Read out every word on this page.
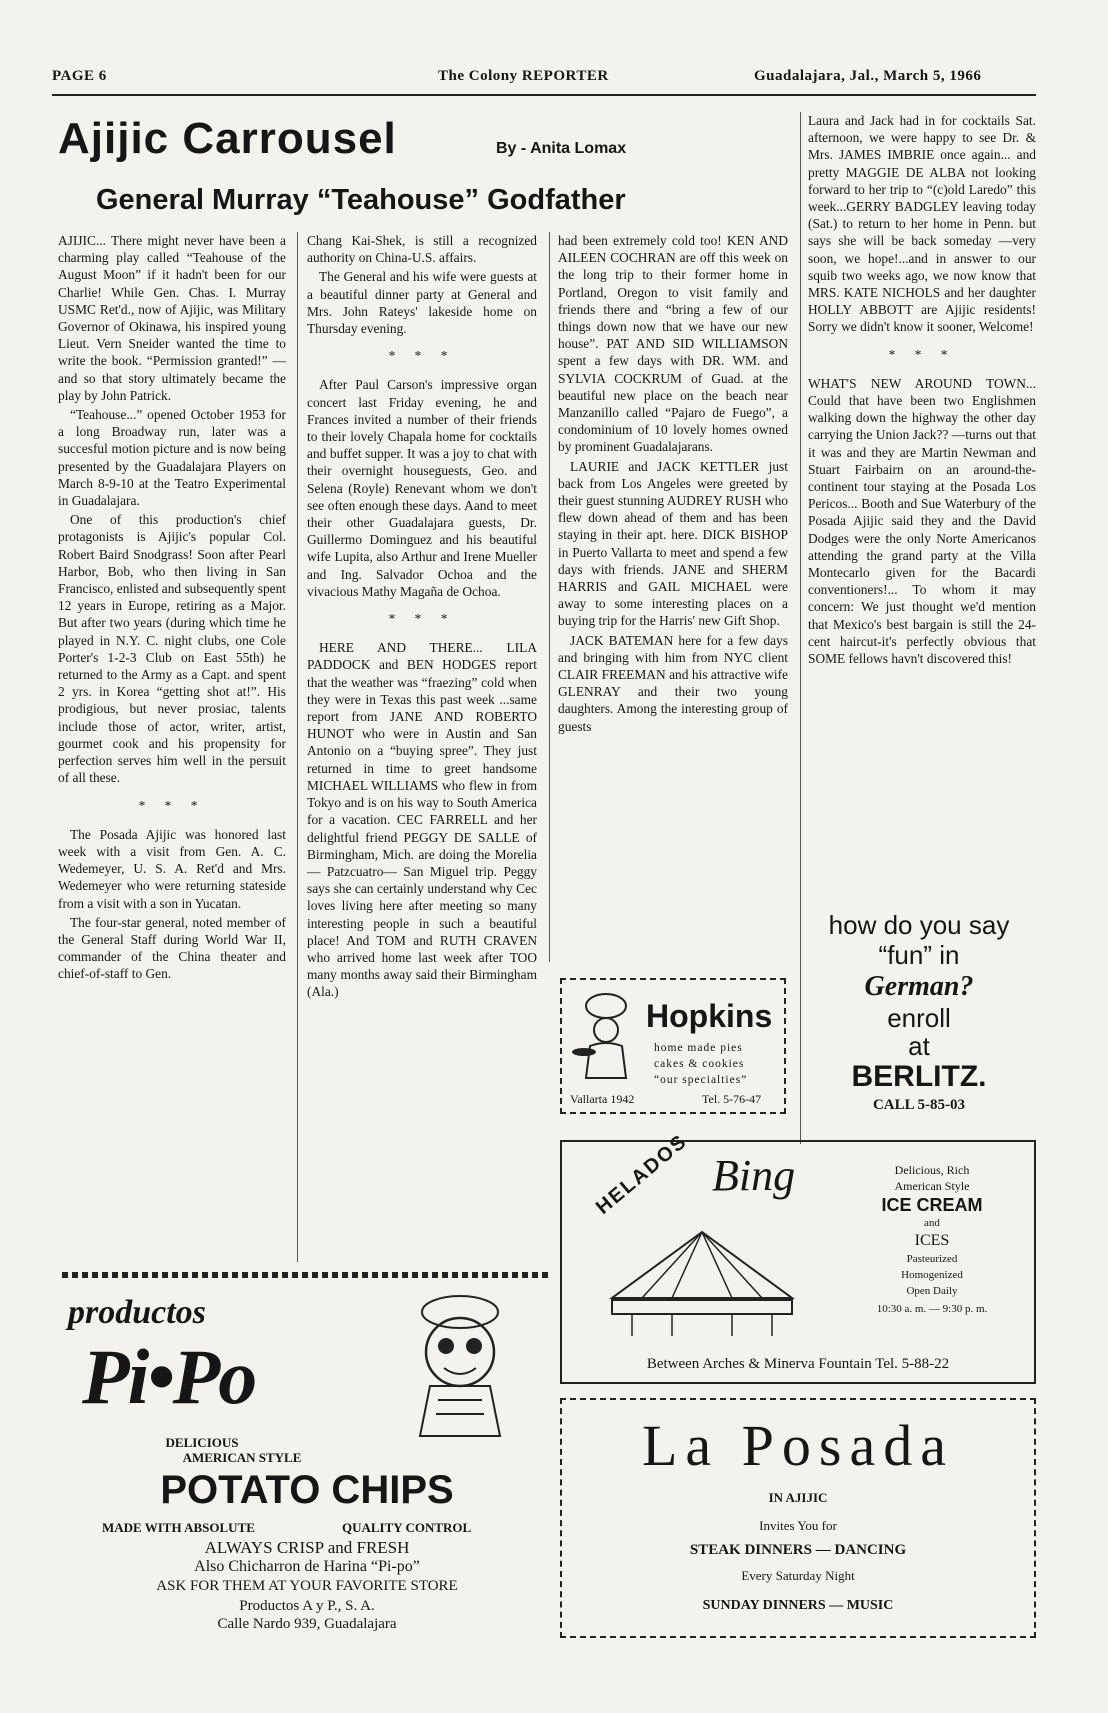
PAGE 6	The Colony REPORTER	Guadalajara, Jal., March 5, 1966
Ajijic Carrousel	By - Anita Lomax
General Murray “Teahouse” Godfather

AJIJIC... There might never have been a charming play called “Teahouse of the August Moon” if it hadn't been for our Charlie! While Gen. Chas. I. Murray USMC Ret'd., now of Ajijic, was Military Governor of Okinawa, his inspired young Lieut. Vern Sneider wanted the time to write the book. “Permission granted!” —and so that story ultimately became the play by John Patrick.

“Teahouse...” opened October 1953 for a long Broadway run, later was a succesful motion picture and is now being presented by the Guadalajara Players on March 8-9-10 at the Teatro Experimental in Guadalajara.

One of this production's chief protagonists is Ajijic's popular Col. Robert Baird Snodgrass! Soon after Pearl Harbor, Bob, who then living in San Francisco, enlisted and subsequently spent 12 years in Europe, retiring as a Major. But after two years (during which time he played in N.Y. C. night clubs, one Cole Porter's 1-2-3 Club on East 55th) he returned to the Army as a Capt. and spent 2 yrs. in Korea “getting shot at!”. His prodigious, but never prosiac, talents include those of actor, writer, artist, gourmet cook and his propensity for perfection serves him well in the persuit of all these.

* * *

The Posada Ajijic was honored last week with a visit from Gen. A. C. Wedemeyer, U. S. A. Ret'd and Mrs. Wedemeyer who were returning stateside from a visit with a son in Yucatan.

The four-star general, noted member of the General Staff during World War II, commander of the China theater and chief-of-staff to Gen.

Chang Kai-Shek, is still a recognized authority on China-U.S. affairs.

The General and his wife were guests at a beautiful dinner party at General and Mrs. John Rateys' lakeside home on Thursday evening.

* * *

After Paul Carson's impressive organ concert last Friday evening, he and Frances invited a number of their friends to their lovely Chapala home for cocktails and buffet supper. It was a joy to chat with their overnight houseguests, Geo. and Selena (Royle) Renevant whom we don't see often enough these days. Aand to meet their other Guadalajara guests, Dr. Guillermo Dominguez and his beautiful wife Lupita, also Arthur and Irene Mueller and Ing. Salvador Ochoa and the vivacious Mathy Magaña de Ochoa.

* * *

HERE AND THERE... LILA PADDOCK and BEN HODGES report that the weather was “fraezing” cold when they were in Texas this past week ...same report from JANE AND ROBERTO HUNOT who were in Austin and San Antonio on a “buying spree”. They just returned in time to greet handsome MICHAEL WILLIAMS who flew in from Tokyo and is on his way to South America for a vacation. CEC FARRELL and her delightful friend PEGGY DE SALLE of Birmingham, Mich. are doing the Morelia — Patzcuatro— San Miguel trip. Peggy says she can certainly understand why Cec loves living here after meeting so many interesting people in such a beautiful place! And TOM and RUTH CRAVEN who arrived home last week after TOO many months away said their Birmingham (Ala.)

had been extremely cold too! KEN AND AILEEN COCHRAN are off this week on the long trip to their former home in Portland, Oregon to visit family and friends there and “bring a few of our things down now that we have our new house”. PAT AND SID WILLIAMSON spent a few days with DR. WM. and SYLVIA COCKRUM of Guad. at the beautiful new place on the beach near Manzanillo called “Pajaro de Fuego”, a condominium of 10 lovely homes owned by prominent Guadalajarans.

LAURIE and JACK KETTLER just back from Los Angeles were greeted by their guest stunning AUDREY RUSH who flew down ahead of them and has been staying in their apt. here. DICK BISHOP in Puerto Vallarta to meet and spend a few days with friends. JANE and SHERM HARRIS and GAIL MICHAEL were away to some interesting places on a buying trip for the Harris' new Gift Shop.

JACK BATEMAN here for a few days and bringing with him from NYC client CLAIR FREEMAN and his attractive wife GLENRAY and their two young daughters. Among the interesting group of guests

Laura and Jack had in for cocktails Sat. afternoon, we were happy to see Dr. & Mrs. JAMES IMBRIE once again... and pretty MAGGIE DE ALBA not looking forward to her trip to “(c)old Laredo” this week...GERRY BADGLEY leaving today (Sat.) to return to her home in Penn. but says she will be back someday —very soon, we hope!...and in answer to our squib two weeks ago, we now know that MRS. KATE NICHOLS and her daughter HOLLY ABBOTT are Ajijic residents! Sorry we didn't know it sooner, Welcome!

* * *

WHAT'S NEW AROUND TOWN... Could that have been two Englishmen walking down the highway the other day carrying the Union Jack?? —turns out that it was and they are Martin Newman and Stuart Fairbairn on an around-the-continent tour staying at the Posada Los Pericos... Booth and Sue Waterbury of the Posada Ajijic said they and the David Dodges were the only Norte Americanos attending the grand party at the Villa Montecarlo given for the Bacardi conventioners!... To whom it may concern: We just thought we'd mention that Mexico's best bargain is still the 24-cent haircut-it's perfectly obvious that SOME fellows havn't discovered this!

Hopkins
home made pies
cakes & cookies
“our specialties”
Vallarta 1942	Tel. 5-76-47
how do you say
“fun” in
German?
enroll
at
BERLITZ.
CALL 5-85-03
HELADOS Bing	Delicious, Rich
American Style
ICE CREAM
and
ICES
Pasteurized
Homogenized
Open Daily
10:30 a. m. — 9:30 p. m.
Between Arches & Minerva Fountain Tel. 5-88-22
productos
Pi•Po
DELICIOUS
AMERICAN STYLE
POTATO CHIPS
MADE WITH ABSOLUTE	QUALITY CONTROL
ALWAYS CRISP and FRESH
Also Chicharron de Harina “Pi-po”
ASK FOR THEM AT YOUR FAVORITE STORE
Productos A y P., S. A.
Calle Nardo 939, Guadalajara
La Posada
IN AJIJIC
Invites You for
STEAK DINNERS — DANCING
Every Saturday Night
SUNDAY DINNERS — MUSIC
